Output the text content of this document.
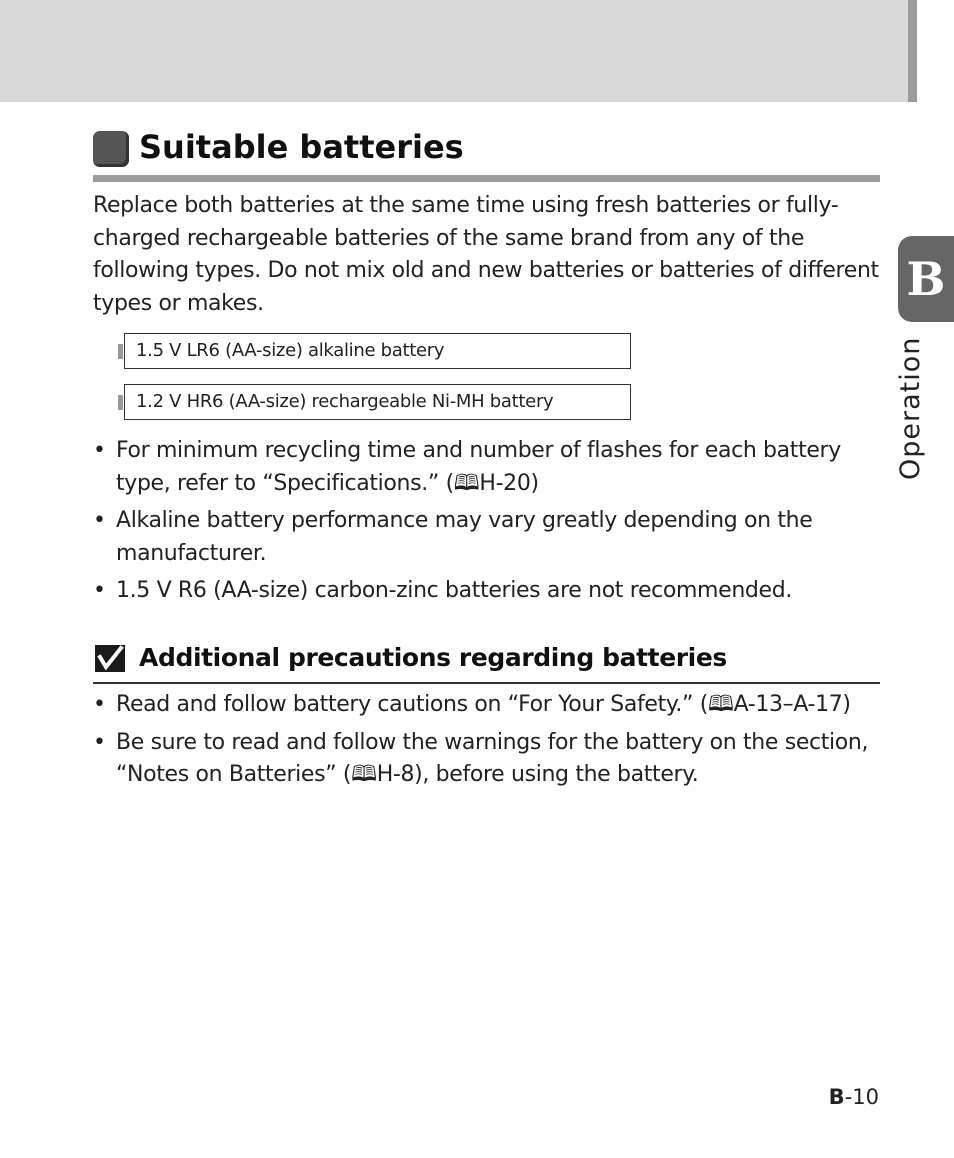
Suitable batteries

Replace both batteries at the same time using fresh batteries or fully-charged rechargeable batteries of the same brand from any of the following types. Do not mix old and new batteries or batteries of different types or makes.

1.5 V LR6 (AA-size) alkaline battery
1.2 V HR6 (AA-size) rechargeable Ni-MH battery
• For minimum recycling time and number of flashes for each battery type, refer to “Specifications.” (🕮H-20)
• Alkaline battery performance may vary greatly depending on the manufacturer.
• 1.5 V R6 (AA-size) carbon-zinc batteries are not recommended.
Additional precautions regarding batteries
• Read and follow battery cautions on “For Your Safety.” (🕮A-13–A-17)
• Be sure to read and follow the warnings for the battery on the section, “Notes on Batteries” (🕮H-8), before using the battery.
B
Operation
B-10
